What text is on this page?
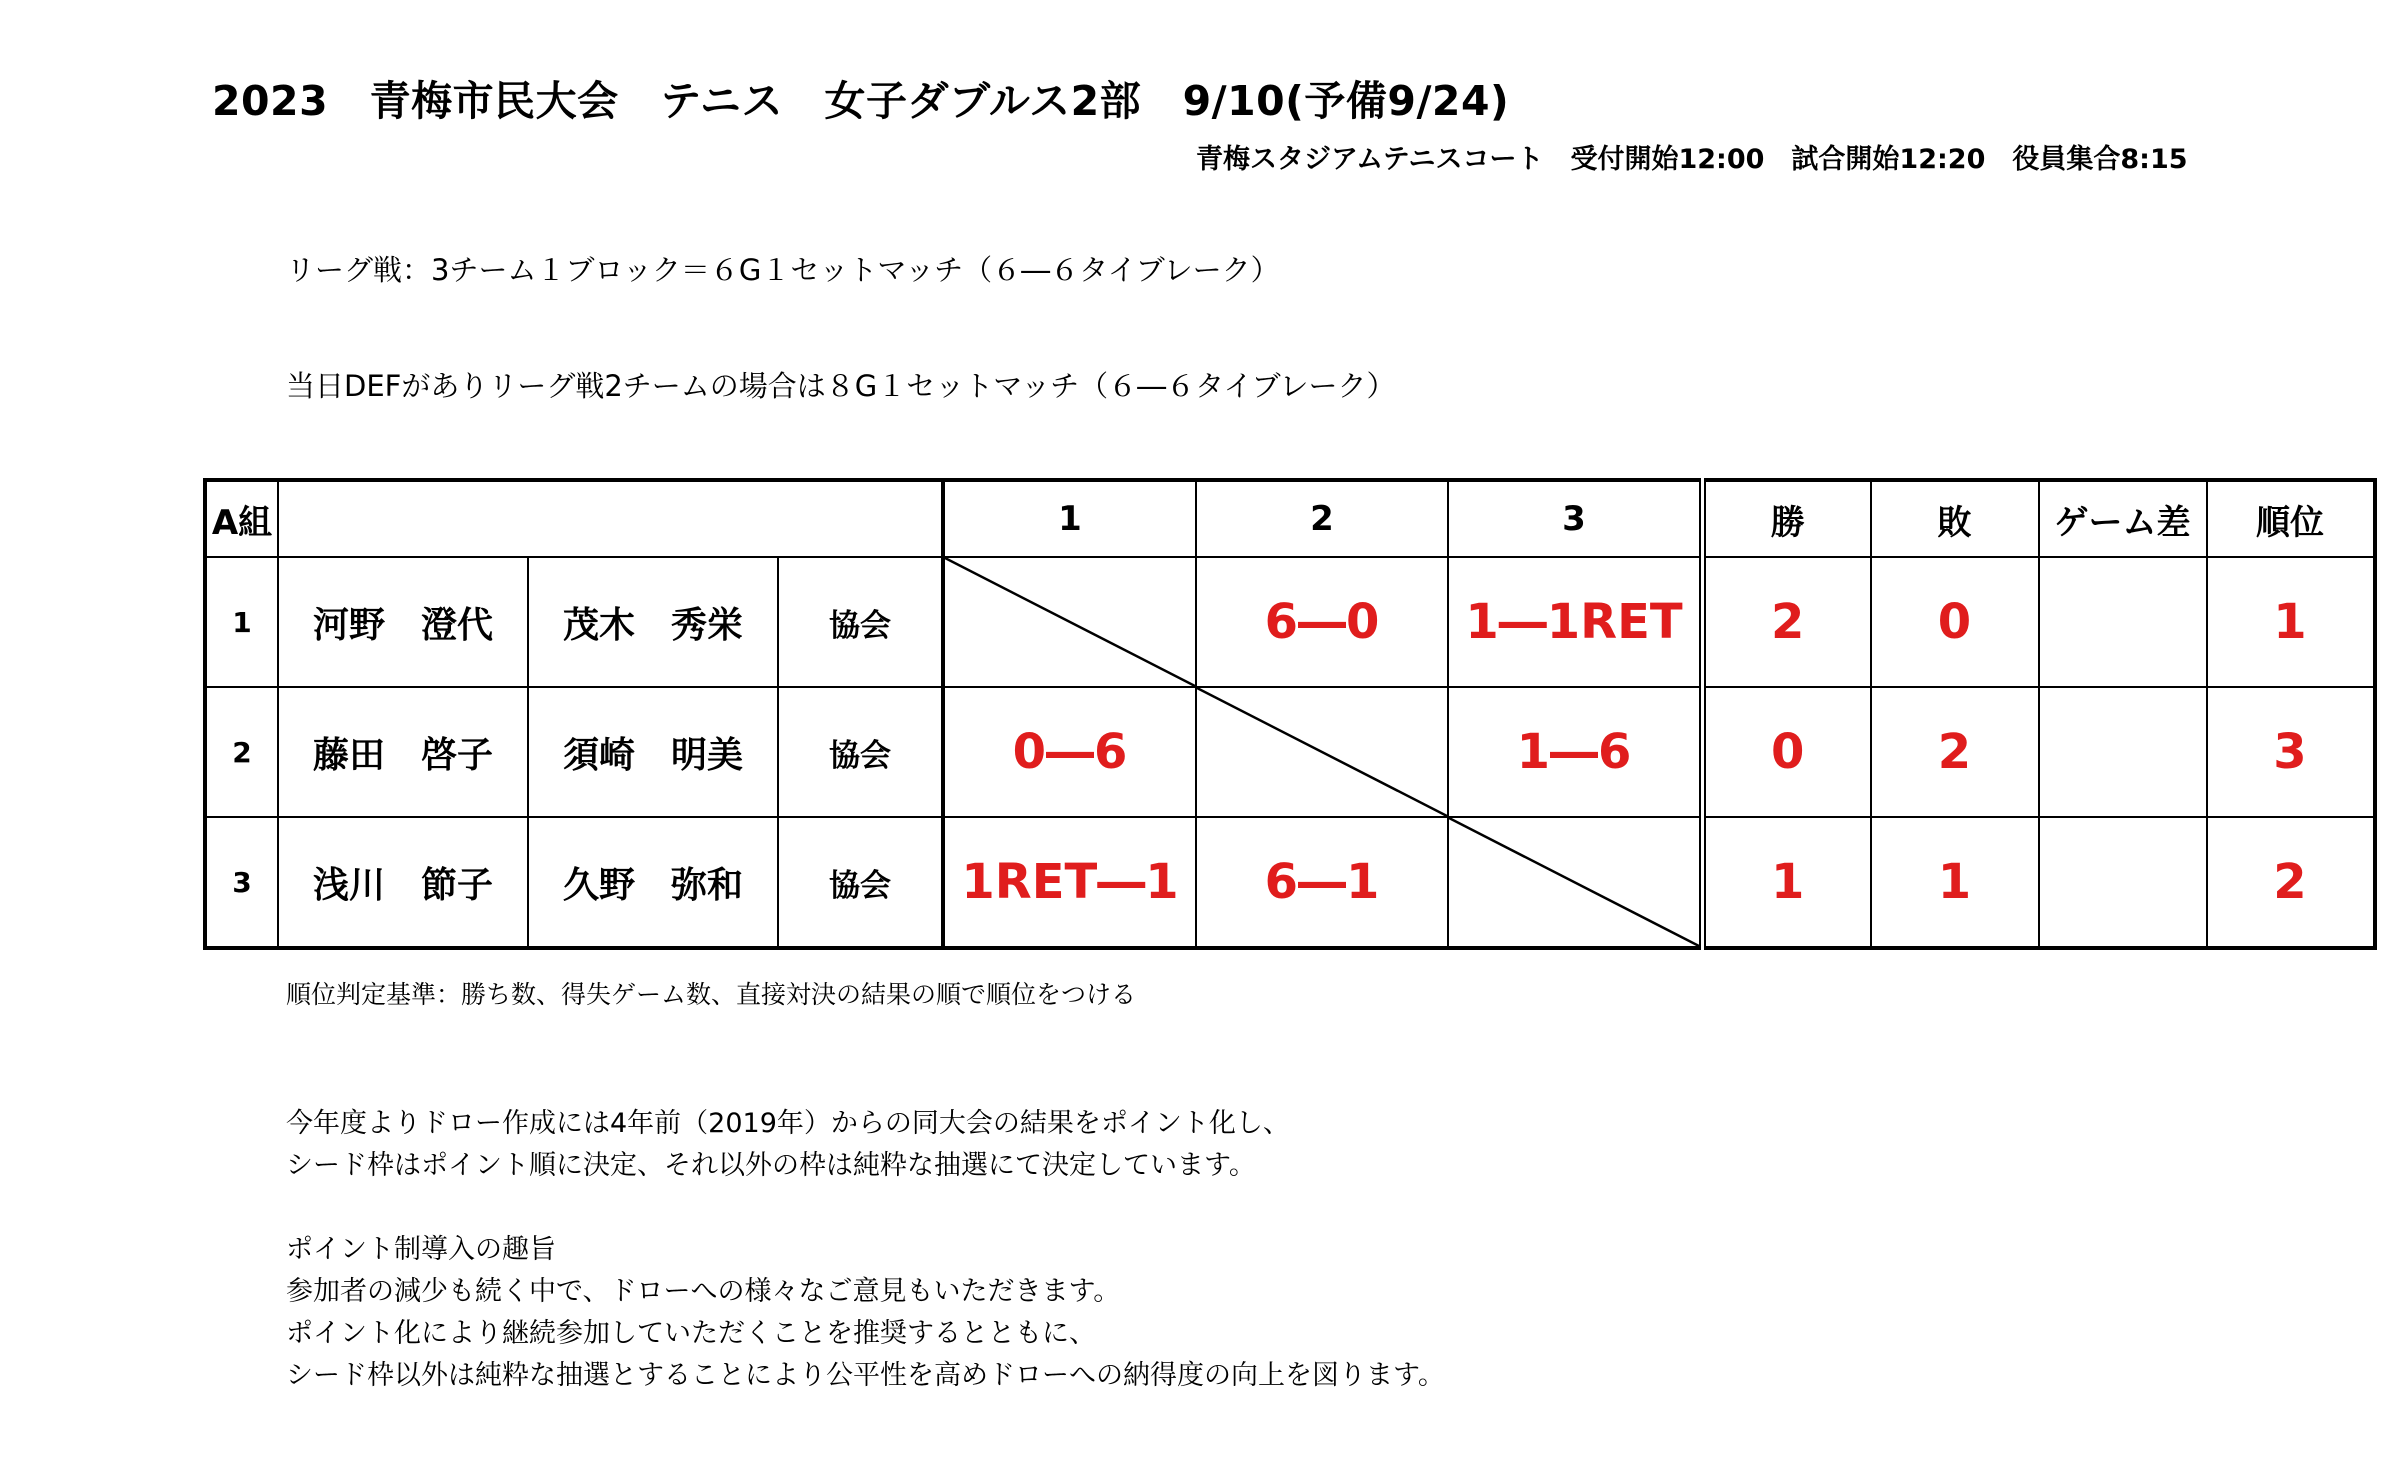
2023　青梅市民大会　テニス　女子ダブルス2部　9/10(予備9/24)
青梅スタジアムテニスコート　受付開始12:00　試合開始12:20　役員集合8:15
リーグ戦：3チーム１ブロック＝６G１セットマッチ（６―６タイブレーク）
当日DEFがありリーグ戦2チームの場合は８G１セットマッチ（６―６タイブレーク）
A組				1	2	3	勝	敗	ゲーム差	順位
1	河野　澄代	茂木　秀栄	協会		6―0	1―1RET	2	0		1
2	藤田　啓子	須崎　明美	協会	0―6		1―6	0	2		3
3	浅川　節子	久野　弥和	協会	1RET―1	6―1		1	1		2
順位判定基準：勝ち数、得失ゲーム数、直接対決の結果の順で順位をつける
今年度よりドロー作成には4年前（2019年）からの同大会の結果をポイント化し、
シード枠はポイント順に決定、それ以外の枠は純粋な抽選にて決定しています。
ポイント制導入の趣旨
参加者の減少も続く中で、ドローへの様々なご意見もいただきます。
ポイント化により継続参加していただくことを推奨するとともに、
シード枠以外は純粋な抽選とすることにより公平性を高めドローへの納得度の向上を図ります。
